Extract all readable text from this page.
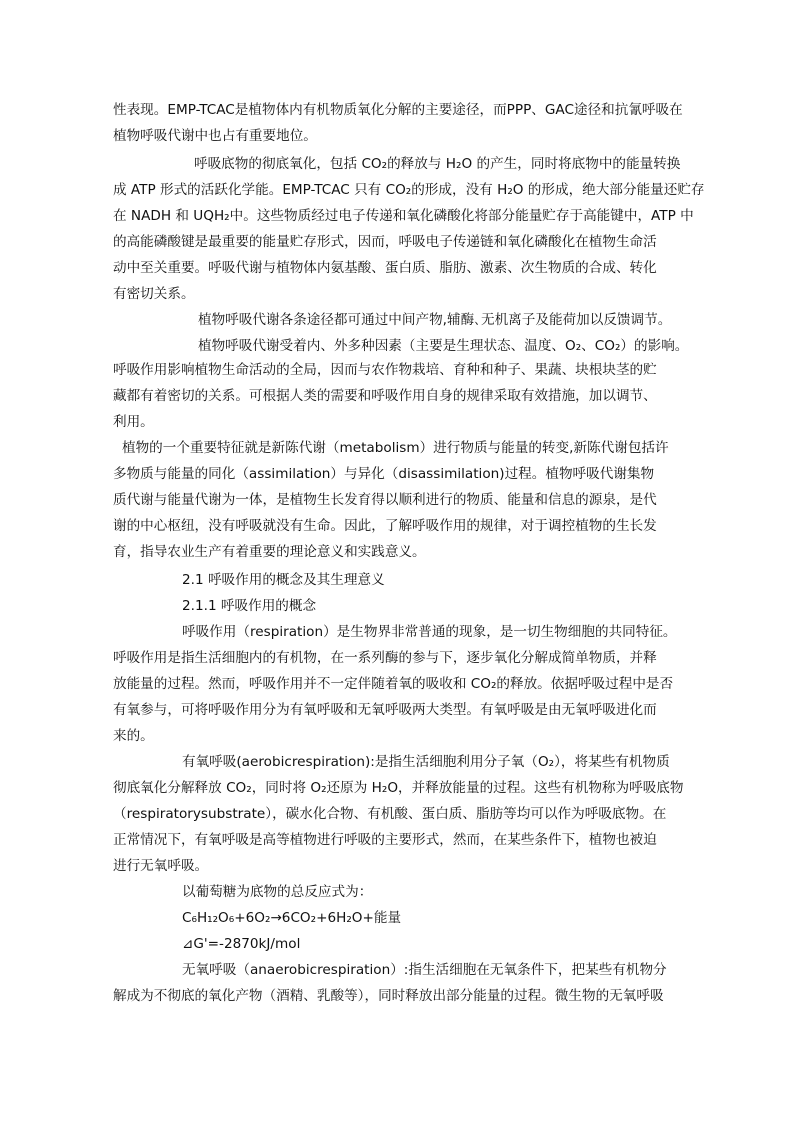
性表现。EMP-TCAC是植物体内有机物质氧化分解的主要途径，而PPP、GAC途径和抗氰呼吸在
植物呼吸代谢中也占有重要地位。
呼吸底物的彻底氧化，包括 CO₂的释放与 H₂O 的产生，同时将底物中的能量转换
成 ATP 形式的活跃化学能。EMP-TCAC 只有 CO₂的形成，没有 H₂O 的形成，绝大部分能量还贮存
在 NADH 和 UQH₂中。这些物质经过电子传递和氧化磷酸化将部分能量贮存于高能键中，ATP 中
的高能磷酸键是最重要的能量贮存形式，因而，呼吸电子传递链和氧化磷酸化在植物生命活
动中至关重要。呼吸代谢与植物体内氨基酸、蛋白质、脂肪、激素、次生物质的合成、转化
有密切关系。
植物呼吸代谢各条途径都可通过中间产物,辅酶､无机离子及能荷加以反馈调节。
植物呼吸代谢受着内、外多种因素（主要是生理状态、温度、O₂、CO₂）的影响。
呼吸作用影响植物生命活动的全局，因而与农作物栽培、育种和种子、果蔬、块根块茎的贮
藏都有着密切的关系。可根据人类的需要和呼吸作用自身的规律采取有效措施，加以调节、
利用。
植物的一个重要特征就是新陈代谢（metabolism）进行物质与能量的转变,新陈代谢包括许
多物质与能量的同化（assimilation）与异化（disassimilation)过程。植物呼吸代谢集物
质代谢与能量代谢为一体，是植物生长发育得以顺利进行的物质、能量和信息的源泉，是代
谢的中心枢纽，没有呼吸就没有生命。因此，了解呼吸作用的规律，对于调控植物的生长发
育，指导农业生产有着重要的理论意义和实践意义。
2.1 呼吸作用的概念及其生理意义
2.1.1 呼吸作用的概念
呼吸作用（respiration）是生物界非常普通的现象，是一切生物细胞的共同特征。
呼吸作用是指生活细胞内的有机物，在一系列酶的参与下，逐步氧化分解成简单物质，并释
放能量的过程。然而，呼吸作用并不一定伴随着氧的吸收和 CO₂的释放。依据呼吸过程中是否
有氧参与，可将呼吸作用分为有氧呼吸和无氧呼吸两大类型。有氧呼吸是由无氧呼吸进化而
来的。
有氧呼吸(aerobicrespiration):是指生活细胞利用分子氧（O₂），将某些有机物质
彻底氧化分解释放 CO₂，同时将 O₂还原为 H₂O，并释放能量的过程。这些有机物称为呼吸底物
（respiratorysubstrate），碳水化合物、有机酸、蛋白质、脂肪等均可以作为呼吸底物。在
正常情况下，有氧呼吸是高等植物进行呼吸的主要形式，然而，在某些条件下，植物也被迫
进行无氧呼吸。
以葡萄糖为底物的总反应式为：
C₆H₁₂O₆+6O₂→6CO₂+6H₂O+能量
⊿G'=-2870kJ/mol
无氧呼吸（anaerobicrespiration）:指生活细胞在无氧条件下，把某些有机物分
解成为不彻底的氧化产物（酒精、乳酸等），同时释放出部分能量的过程。微生物的无氧呼吸
